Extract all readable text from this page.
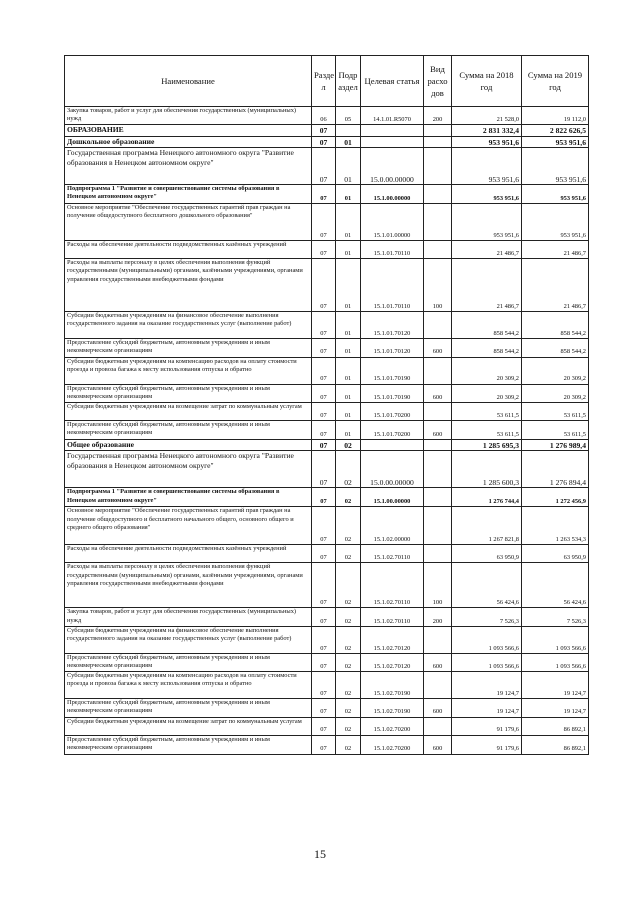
Наименование	Разде л	Подр аздел	Целевая статья	Вид расхо дов	Сумма на 2018 год	Сумма на 2019 год
Закупка товаров, работ и услуг для обеспечения государственных (муниципальных) нужд	06	05	14.1.01.R5070	200	21 528,0	19 112,0
ОБРАЗОВАНИЕ	07				2 831 332,4	2 822 626,5
Дошкольное образование	07	01			953 951,6	953 951,6
Государственная программа Ненецкого автономного округа "Развитие образования в Ненецком автономном округе"	07	01	15.0.00.00000		953 951,6	953 951,6
Подпрограмма 1 "Развитие и совершенствование системы образования в Ненецком автономном округе"	07	01	15.1.00.00000		953 951,6	953 951,6
Основное мероприятие "Обеспечение государственных гарантий прав граждан на получение общедоступного бесплатного дошкольного образования"	07	01	15.1.01.00000		953 951,6	953 951,6
Расходы на обеспечение деятельности подведомственных казённых учреждений	07	01	15.1.01.70110		21 486,7	21 486,7
Расходы на выплаты персоналу в целях обеспечения выполнения функций государственными (муниципальными) органами, казёнными учреждениями, органами управления государственными внебюджетными фондами	07	01	15.1.01.70110	100	21 486,7	21 486,7
Субсидии бюджетным учреждениям на финансовое обеспечение выполнения государственного задания на оказание государственных услуг (выполнение работ)	07	01	15.1.01.70120		858 544,2	858 544,2
Предоставление субсидий бюджетным, автономным учреждениям и иным некоммерческим организациям	07	01	15.1.01.70120	600	858 544,2	858 544,2
Субсидии бюджетным учреждениям на компенсацию расходов на оплату стоимости проезда и провоза багажа к месту использования отпуска и обратно	07	01	15.1.01.70190		20 309,2	20 309,2
Предоставление субсидий бюджетным, автономным учреждениям и иным некоммерческим организациям	07	01	15.1.01.70190	600	20 309,2	20 309,2
Субсидии бюджетным учреждениям на возмещение затрат по коммунальным услугам	07	01	15.1.01.70200		53 611,5	53 611,5
Предоставление субсидий бюджетным, автономным учреждениям и иным некоммерческим организациям	07	01	15.1.01.70200	600	53 611,5	53 611,5
Общее образование	07	02			1 285 695,3	1 276 989,4
Государственная программа Ненецкого автономного округа "Развитие образования в Ненецком автономном округе"	07	02	15.0.00.00000		1 285 600,3	1 276 894,4
Подпрограмма 1 "Развитие и совершенствование системы образования в Ненецком автономном округе"	07	02	15.1.00.00000		1 276 744,4	1 272 456,9
Основное мероприятие "Обеспечение государственных гарантий прав граждан на получение общедоступного и бесплатного начального общего, основного общего и среднего общего образования"	07	02	15.1.02.00000		1 267 821,8	1 263 534,3
Расходы на обеспечение деятельности подведомственных казённых учреждений	07	02	15.1.02.70110		63 950,9	63 950,9
Расходы на выплаты персоналу в целях обеспечения выполнения функций государственными (муниципальными) органами, казёнными учреждениями, органами управления государственными внебюджетными фондами	07	02	15.1.02.70110	100	56 424,6	56 424,6
Закупка товаров, работ и услуг для обеспечения государственных (муниципальных) нужд	07	02	15.1.02.70110	200	7 526,3	7 526,3
Субсидии бюджетным учреждениям на финансовое обеспечение выполнения государственного задания на оказание государственных услуг (выполнение работ)	07	02	15.1.02.70120		1 093 566,6	1 093 566,6
Предоставление субсидий бюджетным, автономным учреждениям и иным некоммерческим организациям	07	02	15.1.02.70120	600	1 093 566,6	1 093 566,6
Субсидии бюджетным учреждениям на компенсацию расходов на оплату стоимости проезда и провоза багажа к месту использования отпуска и обратно	07	02	15.1.02.70190		19 124,7	19 124,7
Предоставление субсидий бюджетным, автономным учреждениям и иным некоммерческим организациям	07	02	15.1.02.70190	600	19 124,7	19 124,7
Субсидии бюджетным учреждениям на возмещение затрат по коммунальным услугам	07	02	15.1.02.70200		91 179,6	86 892,1
Предоставление субсидий бюджетным, автономным учреждениям и иным некоммерческим организациям	07	02	15.1.02.70200	600	91 179,6	86 892,1
15
